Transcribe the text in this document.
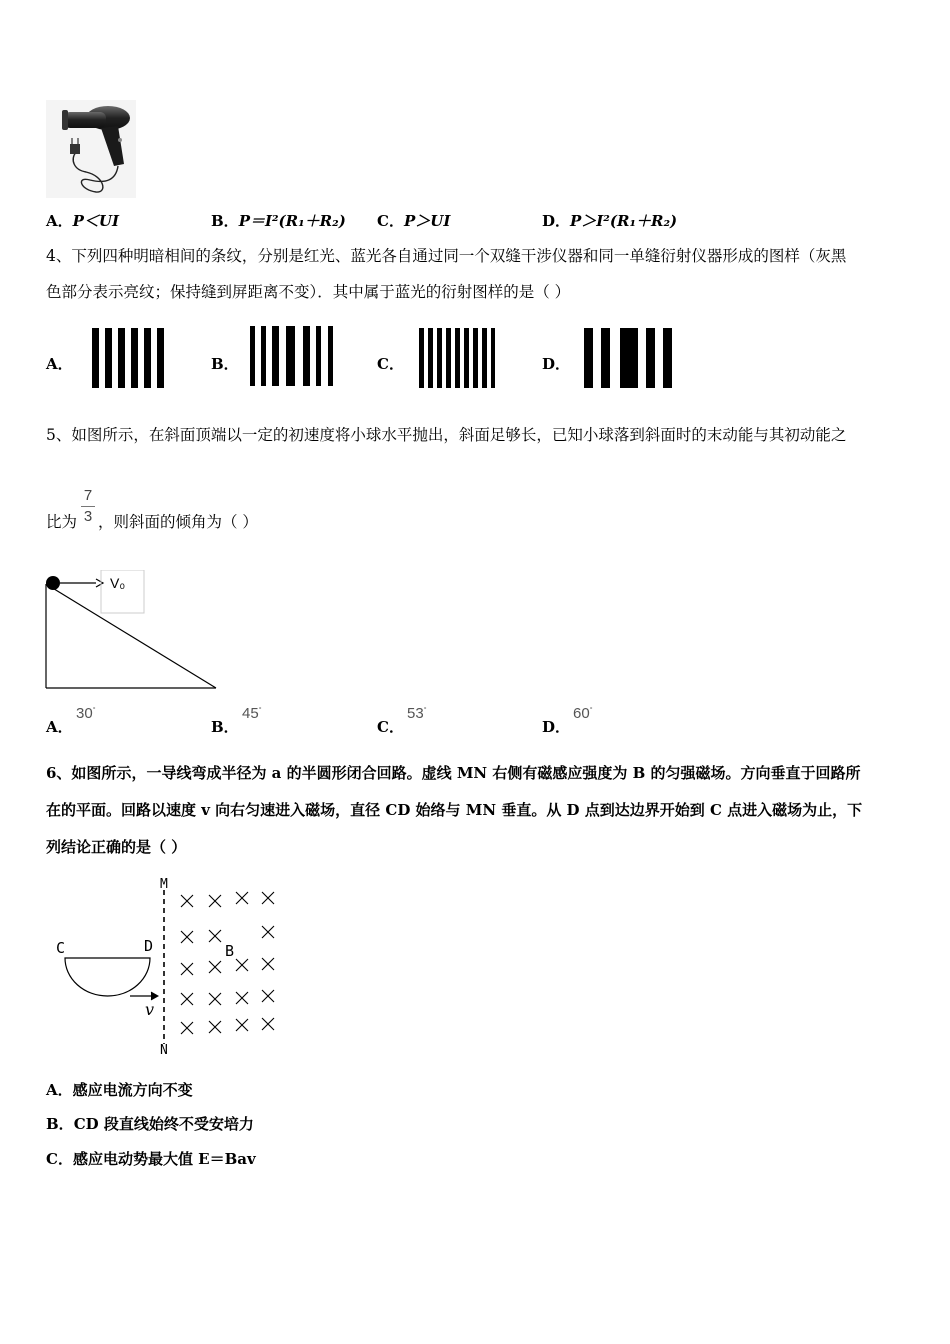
A．P＜UI	B．P＝I²(R₁＋R₂) C．P＞UI	D．P＞I²(R₁＋R₂)
4、下列四种明暗相间的条纹，分别是红光、蓝光各自通过同一个双缝干涉仪器和同一单缝衍射仪器形成的图样（灰黑
色部分表示亮纹；保持缝到屏距离不变）．其中属于蓝光的衍射图样的是（ ）
A．	B．	C．	D．
5、如图所示，在斜面顶端以一定的初速度将小球水平抛出，斜面足够长，已知小球落到斜面时的末动能与其初动能之
比为
7
3 ，则斜面的倾角为（ ）
V₀
A．
30°
B．
45°
C．
53°
D．
60°
6、如图所示，一导线弯成半径为 a 的半圆形闭合回路。虚线 MN 右侧有磁感应强度为 B 的匀强磁场。方向垂直于回路所
在的平面。回路以速度 v 向右匀速进入磁场，直径 CD 始络与 MN 垂直。从 D 点到达边界开始到 C 点进入磁场为止，下
列结论正确的是（ ）
M
N
C	D	B
v
A．感应电流方向不变
B．CD 段直线始终不受安培力
C．感应电动势最大值 E＝Bav
